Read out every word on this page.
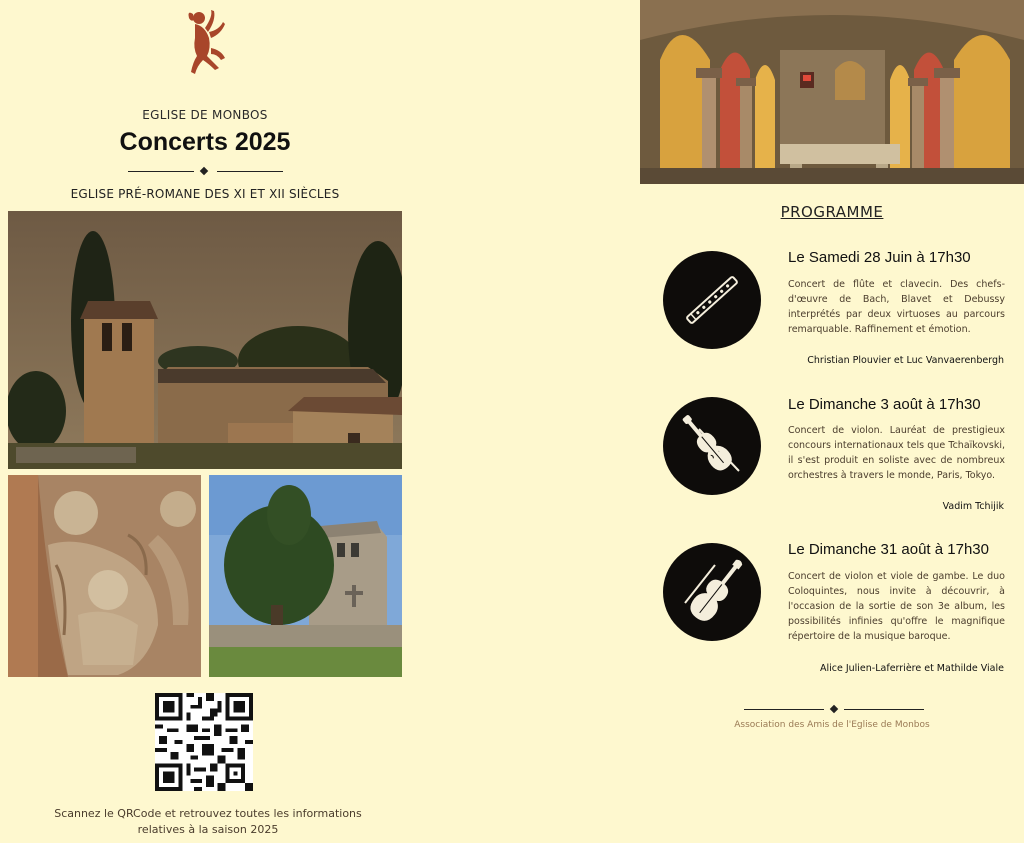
EGLISE DE MONBOS
Concerts 2025
EGLISE PRÉ-ROMANE DES XI ET XII SIÈCLES
Scannez le QRCode et retrouvez toutes les informations
relatives à la saison 2025
PROGRAMME
Le Samedi 28 Juin à 17h30
Concert de flûte et clavecin. Des chefs-d'œuvre de Bach, Blavet et Debussy interprétés par deux virtuoses au parcours remarquable. Raffinement et émotion.
Christian Plouvier et Luc Vanvaerenbergh
Le Dimanche 3 août à 17h30
Concert de violon. Lauréat de prestigieux concours internationaux tels que Tchaïkovski, il s'est produit en soliste avec de nombreux orchestres à travers le monde, Paris, Tokyo.
Vadim Tchijik
Le Dimanche 31 août à 17h30
Concert de violon et viole de gambe. Le duo Coloquintes, nous invite à découvrir, à l'occasion de la sortie de son 3e album, les possibilités infinies qu'offre le magnifique répertoire de la musique baroque.
Alice Julien-Laferrière et Mathilde Viale
Association des Amis de l'Eglise de Monbos
